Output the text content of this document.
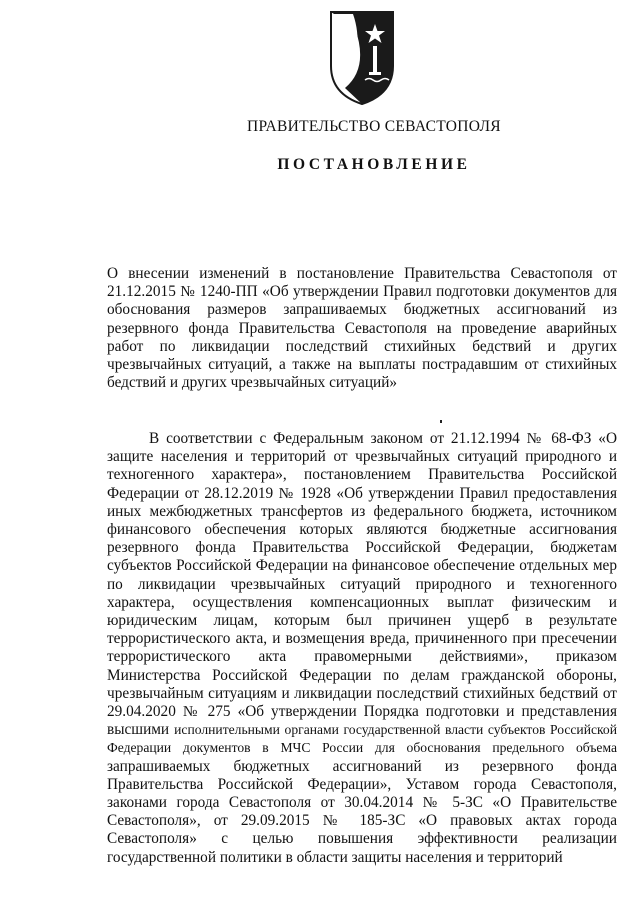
ПРАВИТЕЛЬСТВО СЕВАСТОПОЛЯ
ПОСТАНОВЛЕНИЕ
О внесении изменений в постановление Правительства Севастополя от 21.12.2015 № 1240-ПП «Об утверждении Правил подготовки документов для обоснования размеров запрашиваемых бюджетных ассигнований из резервного фонда Правительства Севастополя на проведение аварийных работ по ликвидации последствий стихийных бедствий и других чрезвычайных ситуаций, а также на выплаты пострадавшим от стихийных бедствий и других чрезвычайных ситуаций»
В соответствии с Федеральным законом от 21.12.1994 № 68-ФЗ «О защите населения и территорий от чрезвычайных ситуаций природного и техногенного характера», постановлением Правительства Российской Федерации от 28.12.2019 № 1928 «Об утверждении Правил предоставления иных межбюджетных трансфертов из федерального бюджета, источником финансового обеспечения которых являются бюджетные ассигнования резервного фонда Правительства Российской Федерации, бюджетам субъектов Российской Федерации на финансовое обеспечение отдельных мер по ликвидации чрезвычайных ситуаций природного и техногенного характера, осуществления компенсационных выплат физическим и юридическим лицам, которым был причинен ущерб в результате террористического акта, и возмещения вреда, причиненного при пресечении террористического акта правомерными действиями», приказом Министерства Российской Федерации по делам гражданской обороны, чрезвычайным ситуациям и ликвидации последствий стихийных бедствий от 29.04.2020 № 275 «Об утверждении Порядка подготовки и представления высшими исполнительными органами государственной власти субъектов Российской Федерации документов в МЧС России для обоснования предельного объема запрашиваемых бюджетных ассигнований из резервного фонда Правительства Российской Федерации», Уставом города Севастополя, законами города Севастополя от 30.04.2014 № 5-ЗС «О Правительстве Севастополя», от 29.09.2015 № 185-ЗС «О правовых актах города Севастополя» с целью повышения эффективности реализации государственной политики в области защиты населения и территорий
